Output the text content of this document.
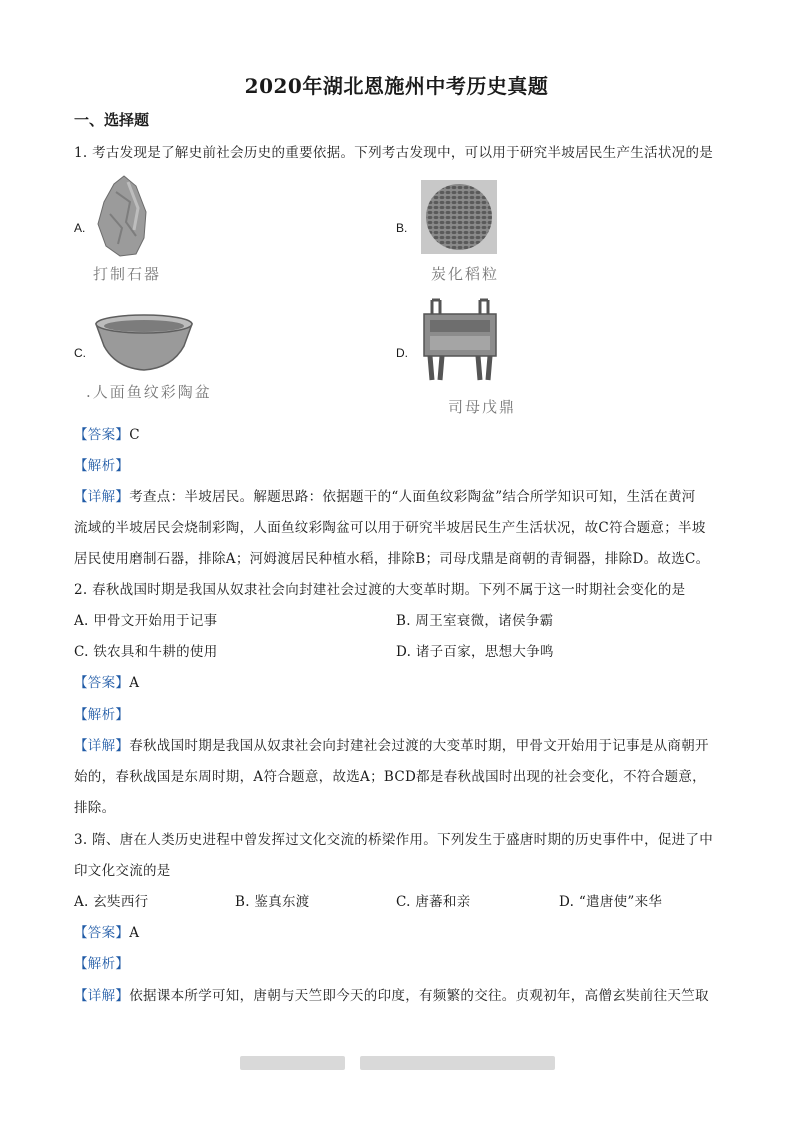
2020年湖北恩施州中考历史真题
一、选择题
1. 考古发现是了解史前社会历史的重要依据。下列考古发现中，可以用于研究半坡居民生产生活状况的是
A.
打制石器
B.
炭化稻粒
C.
.人面鱼纹彩陶盆
D.
司母戊鼎
【答案】C
【解析】
【详解】考查点：半坡居民。解题思路：依据题干的“人面鱼纹彩陶盆”结合所学知识可知，生活在黄河
流域的半坡居民会烧制彩陶，人面鱼纹彩陶盆可以用于研究半坡居民生产生活状况，故C符合题意；半坡
居民使用磨制石器，排除A；河姆渡居民种植水稻，排除B；司母戊鼎是商朝的青铜器，排除D。故选C。
2. 春秋战国时期是我国从奴隶社会向封建社会过渡的大变革时期。下列不属于这一时期社会变化的是
A. 甲骨文开始用于记事	B. 周王室衰微，诸侯争霸
C. 铁农具和牛耕的使用	D. 诸子百家，思想大争鸣
【答案】A
【解析】
【详解】春秋战国时期是我国从奴隶社会向封建社会过渡的大变革时期，甲骨文开始用于记事是从商朝开
始的，春秋战国是东周时期，A符合题意，故选A；BCD都是春秋战国时出现的社会变化，不符合题意，
排除。
3. 隋、唐在人类历史进程中曾发挥过文化交流的桥梁作用。下列发生于盛唐时期的历史事件中，促进了中
印文化交流的是
A. 玄奘西行	B. 鉴真东渡	C. 唐蕃和亲	D. “遣唐使”来华
【答案】A
【解析】
【详解】依据课本所学可知，唐朝与天竺即今天的印度，有频繁的交往。贞观初年，高僧玄奘前往天竺取
